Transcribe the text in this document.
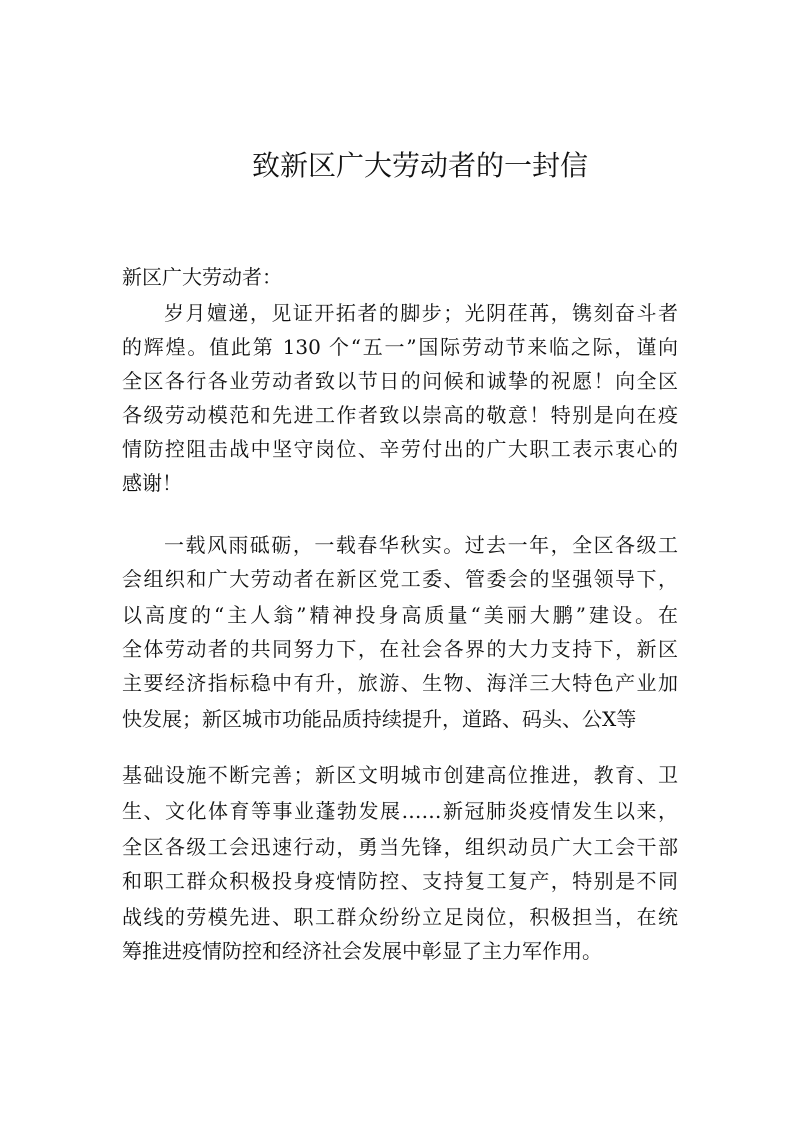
致新区广大劳动者的一封信
新区广大劳动者：
岁月嬗递，见证开拓者的脚步；光阴荏苒，镌刻奋斗者
的辉煌。值此第 130 个“五一”国际劳动节来临之际，谨向
全区各行各业劳动者致以节日的问候和诚挚的祝愿！向全区
各级劳动模范和先进工作者致以崇高的敬意！特别是向在疫
情防控阻击战中坚守岗位、辛劳付出的广大职工表示衷心的
感谢！
一载风雨砥砺，一载春华秋实。过去一年，全区各级工
会组织和广大劳动者在新区党工委、管委会的坚强领导下，
以高度的“主人翁”精神投身高质量“美丽大鹏”建设。在
全体劳动者的共同努力下，在社会各界的大力支持下，新区
主要经济指标稳中有升，旅游、生物、海洋三大特色产业加
快发展；新区城市功能品质持续提升，道路、码头、公X等
基础设施不断完善；新区文明城市创建高位推进，教育、卫
生、文化体育等事业蓬勃发展……新冠肺炎疫情发生以来，
全区各级工会迅速行动，勇当先锋，组织动员广大工会干部
和职工群众积极投身疫情防控、支持复工复产，特别是不同
战线的劳模先进、职工群众纷纷立足岗位，积极担当，在统
筹推进疫情防控和经济社会发展中彰显了主力军作用。
